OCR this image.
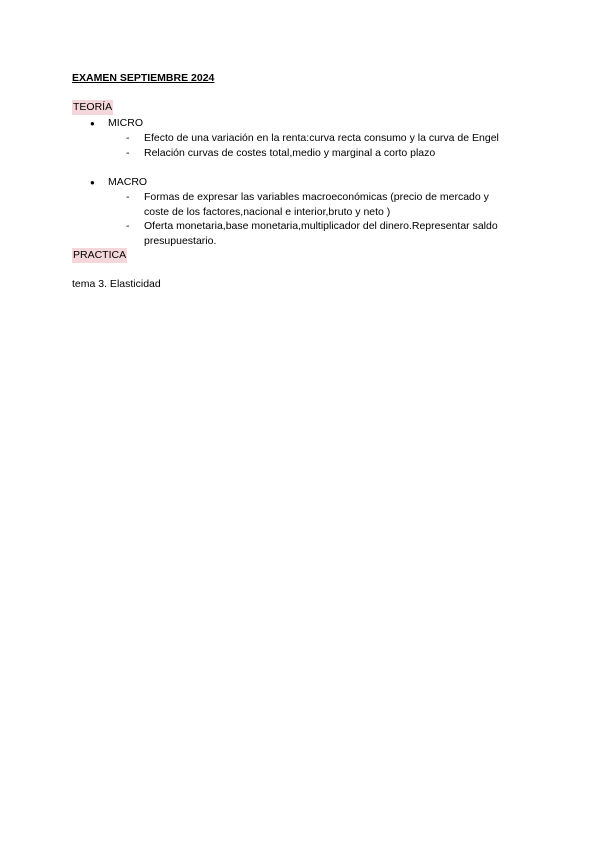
EXAMEN SEPTIEMBRE 2024
TEORÍA
● MICRO
- Efecto de una variación en la renta:curva recta consumo y la curva de Engel
- Relación curvas de costes total,medio y marginal a corto plazo
● MACRO
- Formas de expresar las variables macroeconómicas (precio de mercado y coste de los factores,nacional e interior,bruto y neto )
- Oferta monetaria,base monetaria,multiplicador del dinero.Representar saldo presupuestario.
PRACTICA
tema 3. Elasticidad
